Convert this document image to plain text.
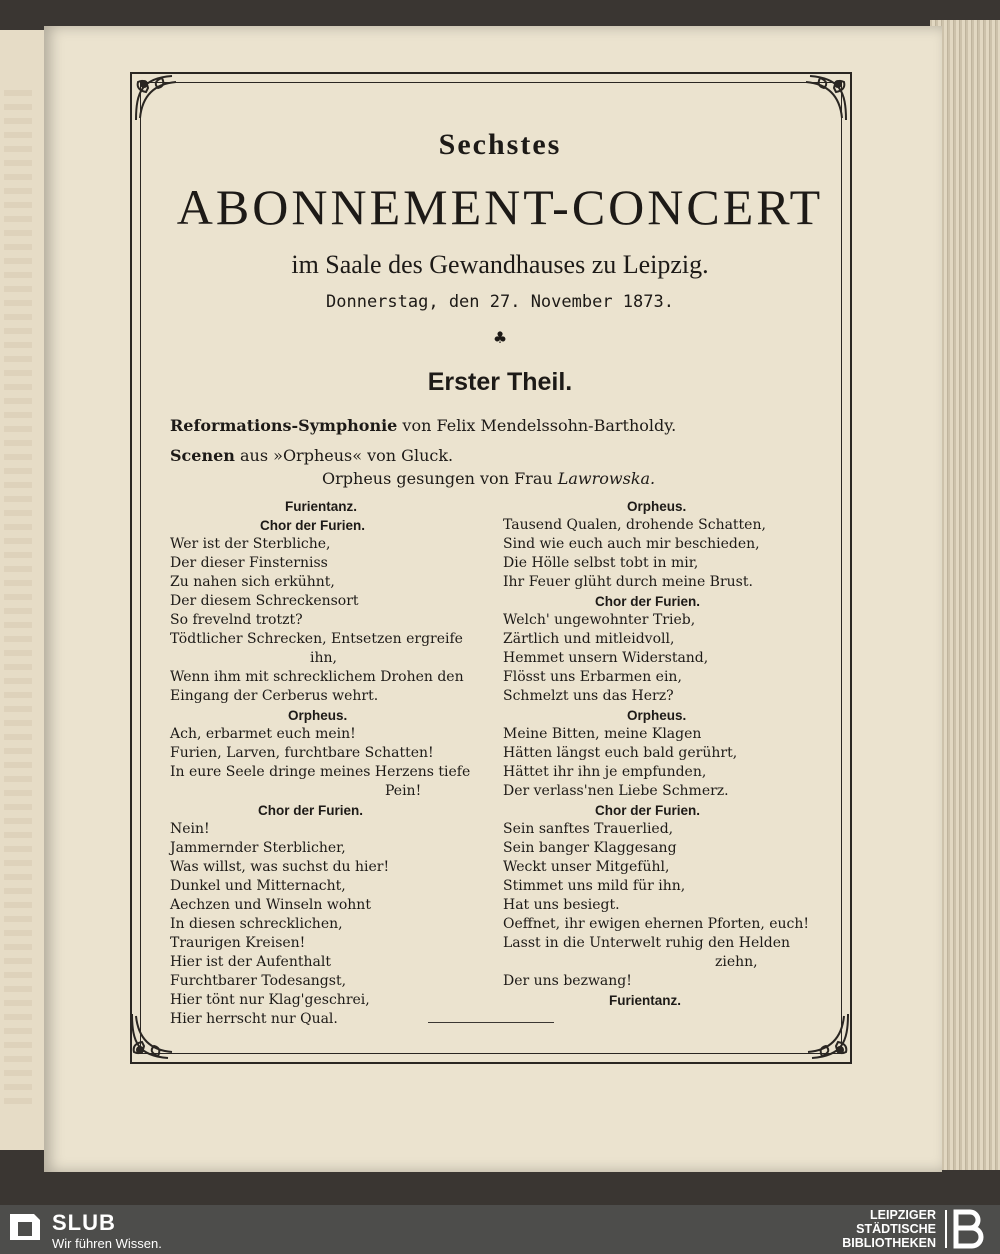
Sechstes
ABONNEMENT-CONCERT
im Saale des Gewandhauses zu Leipzig.
Donnerstag, den 27. November 1873.
♣
Erster Theil.
Reformations-Symphonie von Felix Mendelssohn-Bartholdy.
Scenen aus »Orpheus« von Gluck.
Orpheus gesungen von Frau Lawrowska.
Furientanz.
Chor der Furien.
Wer ist der Sterbliche,
Der dieser Finsterniss
Zu nahen sich erkühnt,
Der diesem Schreckensort
So frevelnd trotzt?
Tödtlicher Schrecken, Entsetzen ergreife
ihn,
Wenn ihm mit schrecklichem Drohen den
Eingang der Cerberus wehrt.
Orpheus.
Ach, erbarmet euch mein!
Furien, Larven, furchtbare Schatten!
In eure Seele dringe meines Herzens tiefe
Pein!
Chor der Furien.
Nein!
Jammernder Sterblicher,
Was willst, was suchst du hier!
Dunkel und Mitternacht,
Aechzen und Winseln wohnt
In diesen schrecklichen,
Traurigen Kreisen!
Hier ist der Aufenthalt
Furchtbarer Todesangst,
Hier tönt nur Klag'geschrei,
Hier herrscht nur Qual.
Orpheus.
Tausend Qualen, drohende Schatten,
Sind wie euch auch mir beschieden,
Die Hölle selbst tobt in mir,
Ihr Feuer glüht durch meine Brust.
Chor der Furien.
Welch' ungewohnter Trieb,
Zärtlich und mitleidvoll,
Hemmet unsern Widerstand,
Flösst uns Erbarmen ein,
Schmelzt uns das Herz?
Orpheus.
Meine Bitten, meine Klagen
Hätten längst euch bald gerührt,
Hättet ihr ihn je empfunden,
Der verlass'nen Liebe Schmerz.
Chor der Furien.
Sein sanftes Trauerlied,
Sein banger Klaggesang
Weckt unser Mitgefühl,
Stimmet uns mild für ihn,
Hat uns besiegt.
Oeffnet, ihr ewigen ehernen Pforten, euch!
Lasst in die Unterwelt ruhig den Helden
ziehn,
Der uns bezwang!
Furientanz.
SLUB
Wir führen Wissen.
LEIPZIGER
STÄDTISCHE
BIBLIOTHEKEN
